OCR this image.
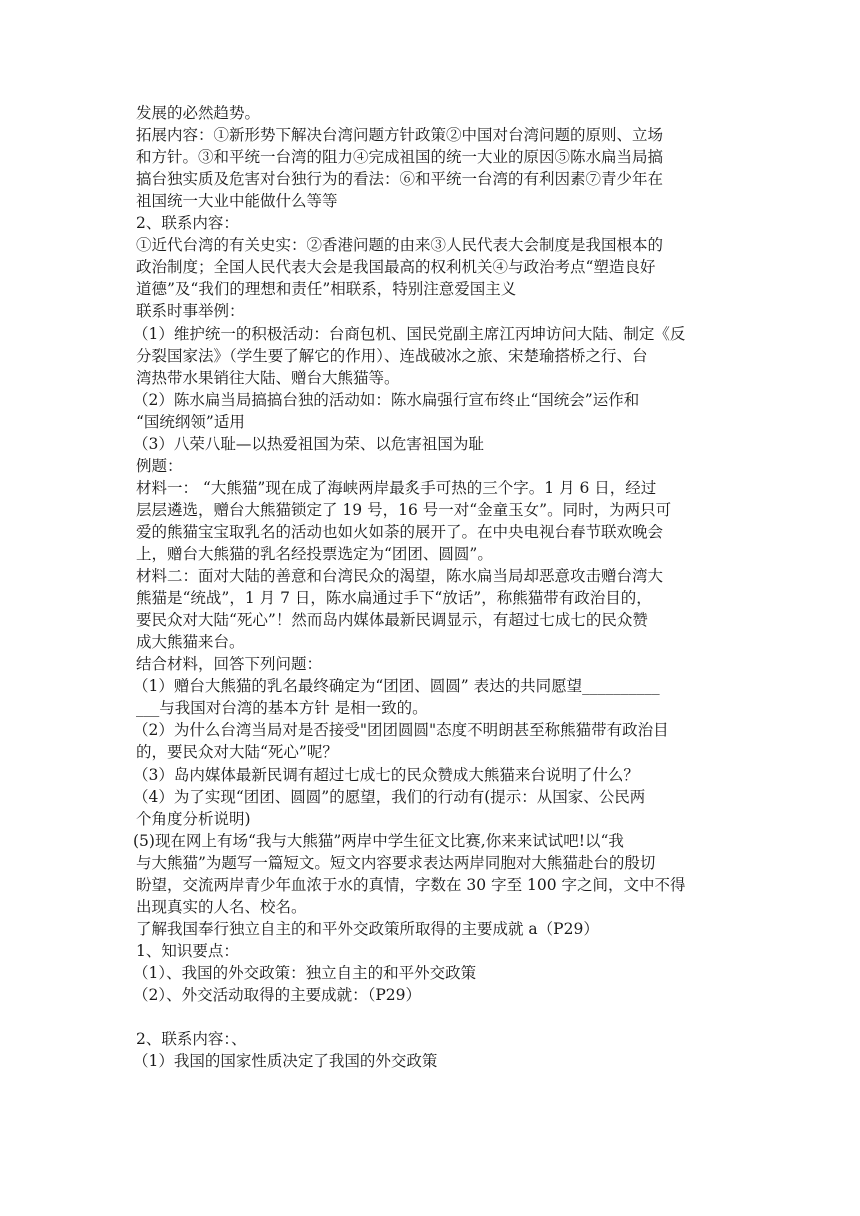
发展的必然趋势。
拓展内容：①新形势下解决台湾问题方针政策②中国对台湾问题的原则、立场
和方针。③和平统一台湾的阻力④完成祖国的统一大业的原因⑤陈水扁当局搞
搞台独实质及危害对台独行为的看法：⑥和平统一台湾的有利因素⑦青少年在
祖国统一大业中能做什么等等
2、联系内容：
①近代台湾的有关史实：②香港问题的由来③人民代表大会制度是我国根本的
政治制度；全国人民代表大会是我国最高的权利机关④与政治考点“塑造良好
道德”及“我们的理想和责任”相联系，特别注意爱国主义
联系时事举例：
（1）维护统一的积极活动：台商包机、国民党副主席江丙坤访问大陆、制定《反
分裂国家法》（学生要了解它的作用）、连战破冰之旅、宋楚瑜搭桥之行、台
湾热带水果销往大陆、赠台大熊猫等。
（2）陈水扁当局搞搞台独的活动如：陈水扁强行宣布终止“国统会”运作和
“国统纲领”适用
（3）八荣八耻—以热爱祖国为荣、以危害祖国为耻
例题：
材料一： “大熊猫”现在成了海峡两岸最炙手可热的三个字。1 月 6 日，经过
层层遴选，赠台大熊猫锁定了 19 号，16 号一对“金童玉女”。同时，为两只可
爱的熊猫宝宝取乳名的活动也如火如荼的展开了。在中央电视台春节联欢晚会
上，赠台大熊猫的乳名经投票选定为“团团、圆圆”。
材料二：面对大陆的善意和台湾民众的渴望，陈水扁当局却恶意攻击赠台湾大
熊猫是“统战”，1 月 7 日，陈水扁通过手下“放话”，称熊猫带有政治目的，
要民众对大陆“死心”！然而岛内媒体最新民调显示，有超过七成七的民众赞
成大熊猫来台。
结合材料，回答下列问题：
（1）赠台大熊猫的乳名最终确定为“团团、圆圆” 表达的共同愿望__________
___与我国对台湾的基本方针 是相一致的。
（2）为什么台湾当局对是否接受"团团圆圆"态度不明朗甚至称熊猫带有政治目
的，要民众对大陆“死心”呢？
（3）岛内媒体最新民调有超过七成七的民众赞成大熊猫来台说明了什么？
（4）为了实现“团团、圆圆”的愿望，我们的行动有(提示：从国家、公民两
个角度分析说明)
(5)现在网上有场“我与大熊猫”两岸中学生征文比赛,你来来试试吧!以“我
与大熊猫”为题写一篇短文。短文内容要求表达两岸同胞对大熊猫赴台的殷切
盼望，交流两岸青少年血浓于水的真情，字数在 30 字至 100 字之间，文中不得
出现真实的人名、校名。
了解我国奉行独立自主的和平外交政策所取得的主要成就 a（P29）
1、知识要点：
（1）、我国的外交政策：独立自主的和平外交政策
（2）、外交活动取得的主要成就：（P29）
2、联系内容：、
（1）我国的国家性质决定了我国的外交政策
